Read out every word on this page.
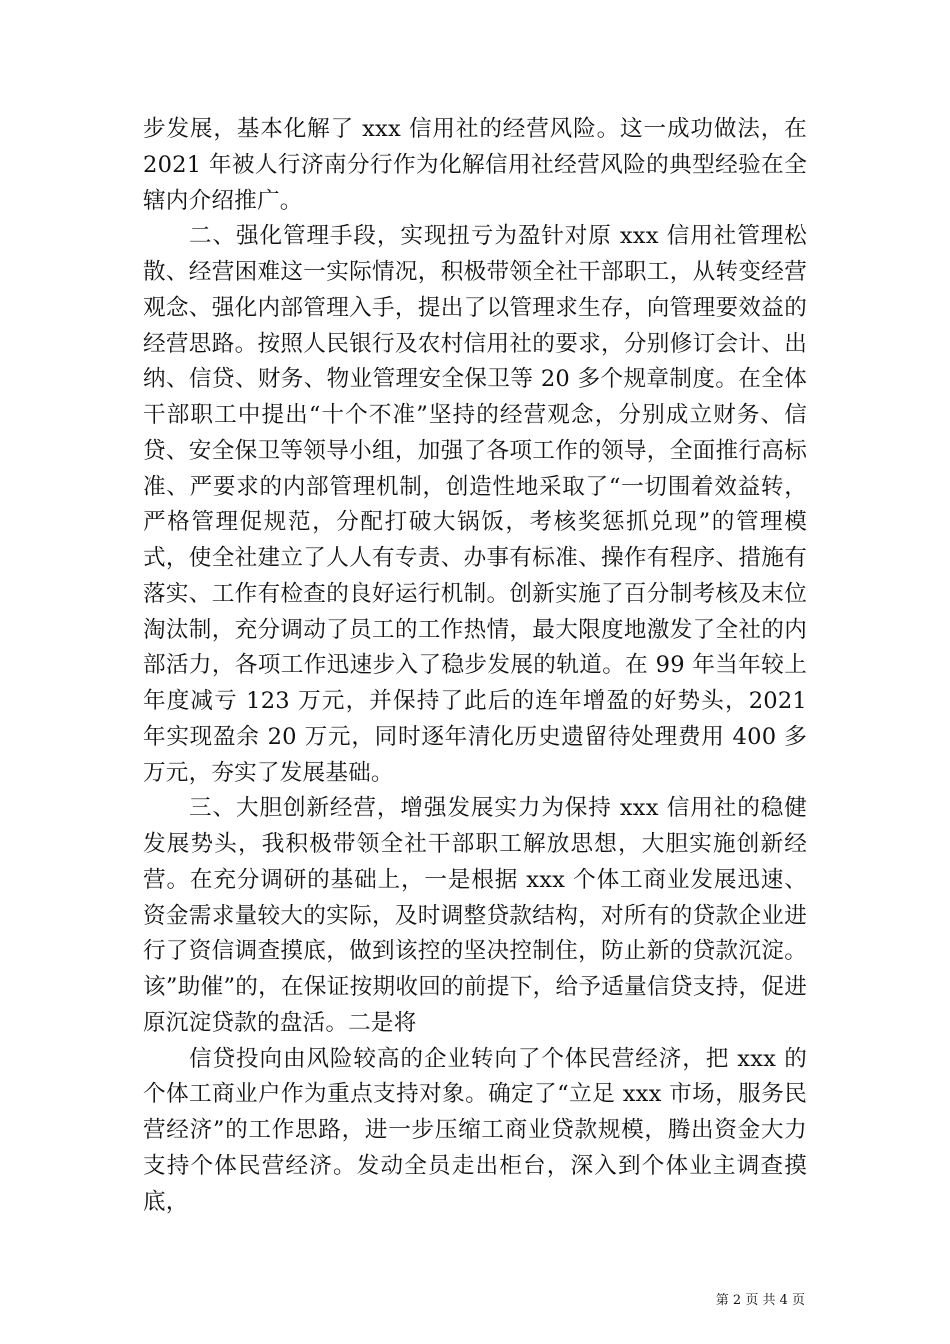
步发展，基本化解了 xxx 信用社的经营风险。这一成功做法，在 2021 年被人行济南分行作为化解信用社经营风险的典型经验在全辖内介绍推广。

二、强化管理手段，实现扭亏为盈针对原 xxx 信用社管理松散、经营困难这一实际情况，积极带领全社干部职工，从转变经营观念、强化内部管理入手，提出了以管理求生存，向管理要效益的经营思路。按照人民银行及农村信用社的要求，分别修订会计、出纳、信贷、财务、物业管理安全保卫等 20 多个规章制度。在全体干部职工中提出“十个不准”坚持的经营观念，分别成立财务、信贷、安全保卫等领导小组，加强了各项工作的领导，全面推行高标准、严要求的内部管理机制，创造性地采取了“一切围着效益转，严格管理促规范，分配打破大锅饭，考核奖惩抓兑现”的管理模式，使全社建立了人人有专责、办事有标准、操作有程序、措施有落实、工作有检查的良好运行机制。创新实施了百分制考核及末位淘汰制，充分调动了员工的工作热情，最大限度地激发了全社的内部活力，各项工作迅速步入了稳步发展的轨道。在 99 年当年较上年度减亏 123 万元，并保持了此后的连年增盈的好势头，2021 年实现盈余 20 万元，同时逐年清化历史遗留待处理费用 400 多万元，夯实了发展基础。

三、大胆创新经营，增强发展实力为保持 xxx 信用社的稳健发展势头，我积极带领全社干部职工解放思想，大胆实施创新经营。在充分调研的基础上，一是根据 xxx 个体工商业发展迅速、资金需求量较大的实际，及时调整贷款结构，对所有的贷款企业进行了资信调查摸底，做到该控的坚决控制住，防止新的贷款沉淀。该”助催”的，在保证按期收回的前提下，给予适量信贷支持，促进原沉淀贷款的盘活。二是将

信贷投向由风险较高的企业转向了个体民营经济，把 xxx 的个体工商业户作为重点支持对象。确定了“立足 xxx 市场，服务民营经济”的工作思路，进一步压缩工商业贷款规模，腾出资金大力支持个体民营经济。发动全员走出柜台，深入到个体业主调查摸底，

第 2 页 共 4 页
